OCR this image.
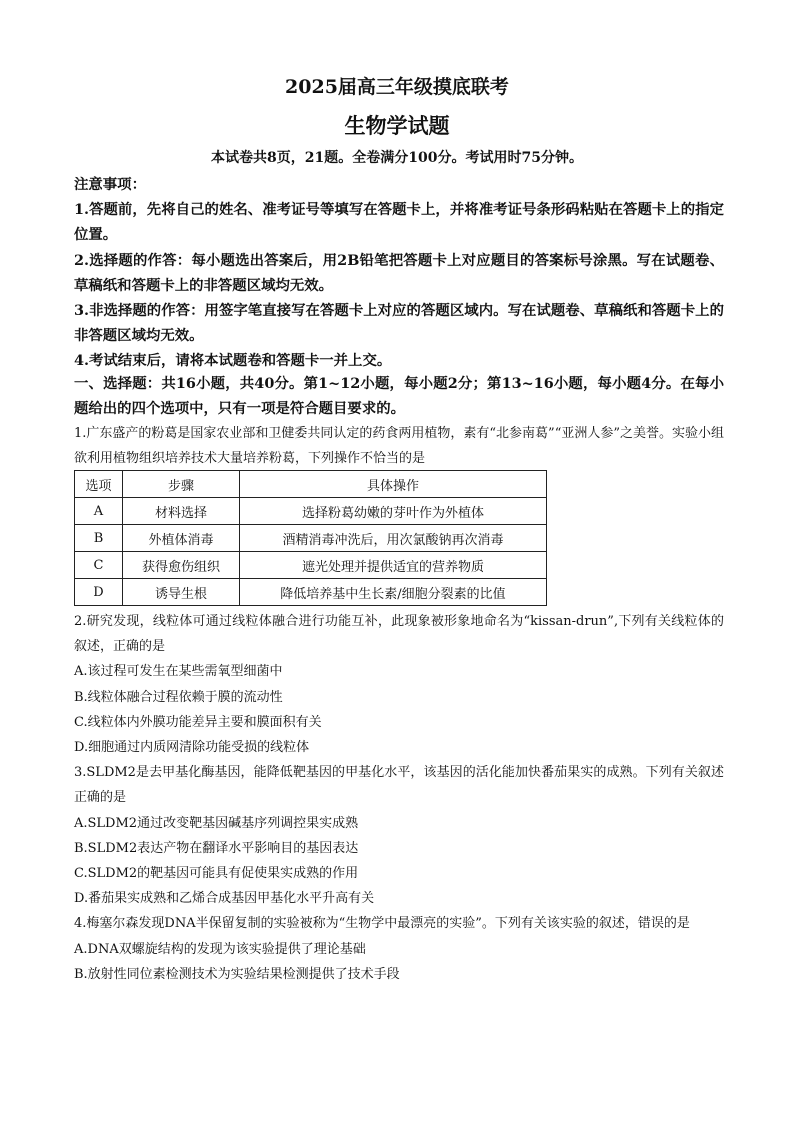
2025届高三年级摸底联考
生物学试题
本试卷共8页，21题。全卷满分100分。考试用时75分钟。

注意事项：

1.答题前，先将自己的姓名、准考证号等填写在答题卡上，并将准考证号条形码粘贴在答题卡上的指定位置。

2.选择题的作答：每小题选出答案后，用2B铅笔把答题卡上对应题目的答案标号涂黑。写在试题卷、草稿纸和答题卡上的非答题区域均无效。

3.非选择题的作答：用签字笔直接写在答题卡上对应的答题区域内。写在试题卷、草稿纸和答题卡上的非答题区域均无效。

4.考试结束后，请将本试题卷和答题卡一并上交。

一、选择题：共16小题，共40分。第1~12小题，每小题2分；第13~16小题，每小题4分。在每小题给出的四个选项中，只有一项是符合题目要求的。

1.广东盛产的粉葛是国家农业部和卫健委共同认定的药食两用植物，素有“北参南葛”“亚洲人参”之美誉。实验小组欲利用植物组织培养技术大量培养粉葛，下列操作不恰当的是

选项	步骤	具体操作
A	材料选择	选择粉葛幼嫩的芽叶作为外植体
B	外植体消毒	酒精消毒冲洗后，用次氯酸钠再次消毒
C	获得愈伤组织	遮光处理并提供适宜的营养物质
D	诱导生根	降低培养基中生长素/细胞分裂素的比值

2.研究发现，线粒体可通过线粒体融合进行功能互补，此现象被形象地命名为“kissan-drun”,下列有关线粒体的叙述，正确的是

A.该过程可发生在某些需氧型细菌中

B.线粒体融合过程依赖于膜的流动性

C.线粒体内外膜功能差异主要和膜面积有关

D.细胞通过内质网清除功能受损的线粒体

3.SLDM2是去甲基化酶基因，能降低靶基因的甲基化水平，该基因的活化能加快番茄果实的成熟。下列有关叙述正确的是

A.SLDM2通过改变靶基因碱基序列调控果实成熟

B.SLDM2表达产物在翻译水平影响目的基因表达

C.SLDM2的靶基因可能具有促使果实成熟的作用

D.番茄果实成熟和乙烯合成基因甲基化水平升高有关

4.梅塞尔森发现DNA半保留复制的实验被称为“生物学中最漂亮的实验”。下列有关该实验的叙述，错误的是

A.DNA双螺旋结构的发现为该实验提供了理论基础

B.放射性同位素检测技术为实验结果检测提供了技术手段
